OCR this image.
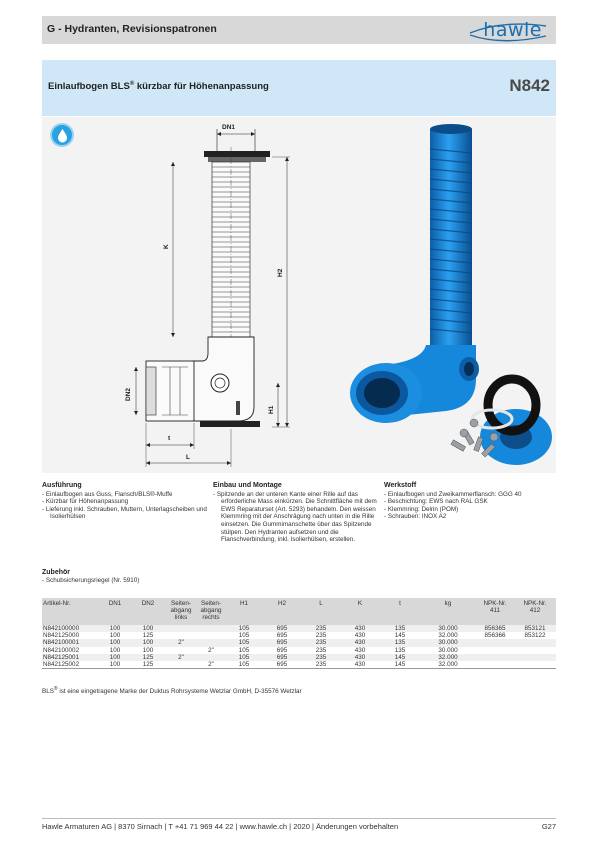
G - Hydranten, Revisionspatronen	hawle
Einlaufbogen BLS® kürzbar für Höhenanpassung	N842
DN1
K
H2
H1
DN2
t
L
Ausführung
- Einlaufbogen aus Guss, Flansch/BLS®-Muffe
- Kürzbar für Höhenanpassung
- Lieferung inkl. Schrauben, Muttern, Unterlagscheiben und Isolierhülsen
Einbau und Montage
- Spitzende an der unteren Kante einer Rille auf das erforderliche Mass einkürzen. Die Schnittfläche mit dem EWS Reparaturset (Art. 5293) behandeln. Den weissen Klemmring mit der Anschrägung nach unten in die Rille einsetzen. Die Gummimanschette über das Spitzende stülpen. Den Hydranten aufsetzen und die Flanschverbindung, inkl. Isolierhülsen, erstellen.
Werkstoff
- Einlaufbogen und Zweikammerflansch: GGG 40
- Beschichtung: EWS nach RAL GSK
- Klemmring: Delrin (POM)
- Schrauben: INOX A2
Zubehör
- Schubsicherungsriegel (Nr. 5910)
Artikel-Nr.	DN1	DN2	Seiten-
abgang
links	Seiten-
abgang
rechts	H1	H2	L	K	t	kg	NPK-Nr.
411	NPK-Nr.
412
N842100000	100	100			105	695	235	430	135	30.000	856365	853121
N842125000	100	125			105	695	235	430	145	32.000	856366	853122
N842100001	100	100	2"		105	695	235	430	135	30.000		
N842100002	100	100		2"	105	695	235	430	135	30.000		
N842125001	100	125	2"		105	695	235	430	145	32.000		
N842125002	100	125		2"	105	695	235	430	145	32.000		
BLS® ist eine eingetragene Marke der Duktus Rohrsysteme Wetzlar GmbH, D-35576 Wetzlar
Hawle Armaturen AG | 8370 Sirnach | T +41 71 969 44 22 | www.hawle.ch | 2020 | Änderungen vorbehalten	G27
